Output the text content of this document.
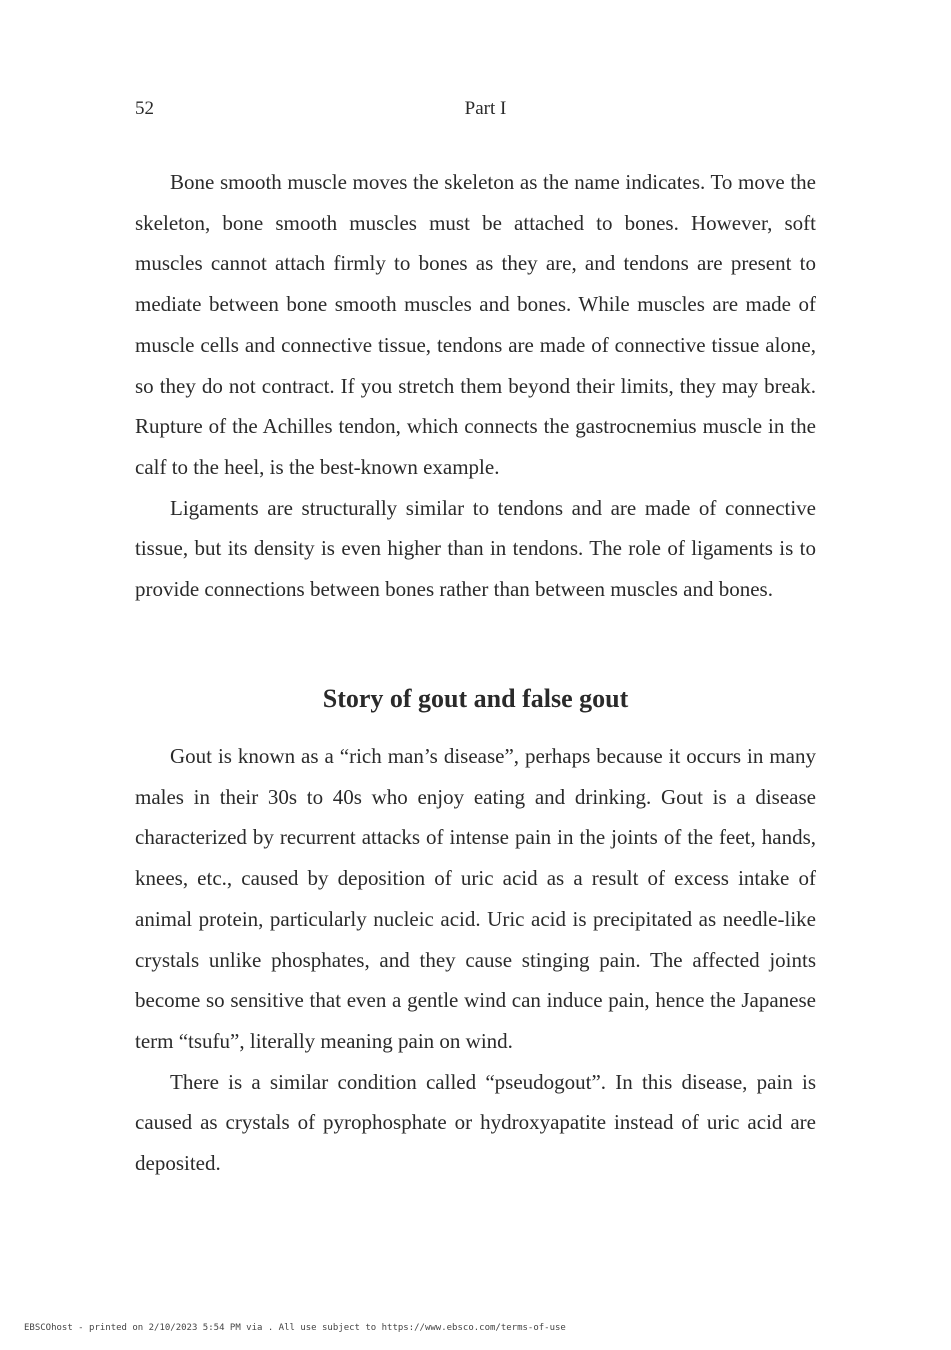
52	Part I

Bone smooth muscle moves the skeleton as the name indicates. To move the skeleton, bone smooth muscles must be attached to bones. However, soft muscles cannot attach firmly to bones as they are, and tendons are present to mediate between bone smooth muscles and bones. While muscles are made of muscle cells and connective tissue, tendons are made of connective tissue alone, so they do not contract. If you stretch them beyond their limits, they may break. Rupture of the Achilles tendon, which connects the gastrocnemius muscle in the calf to the heel, is the best-known example.

Ligaments are structurally similar to tendons and are made of connective tissue, but its density is even higher than in tendons. The role of ligaments is to provide connections between bones rather than between muscles and bones.

Story of gout and false gout

Gout is known as a “rich man’s disease”, perhaps because it occurs in many males in their 30s to 40s who enjoy eating and drinking. Gout is a disease characterized by recurrent attacks of intense pain in the joints of the feet, hands, knees, etc., caused by deposition of uric acid as a result of excess intake of animal protein, particularly nucleic acid. Uric acid is precipitated as needle-like crystals unlike phosphates, and they cause stinging pain. The affected joints become so sensitive that even a gentle wind can induce pain, hence the Japanese term “tsufu”, literally meaning pain on wind.

There is a similar condition called “pseudogout”. In this disease, pain is caused as crystals of pyrophosphate or hydroxyapatite instead of uric acid are deposited.

EBSCOhost - printed on 2/10/2023 5:54 PM via . All use subject to https://www.ebsco.com/terms-of-use
